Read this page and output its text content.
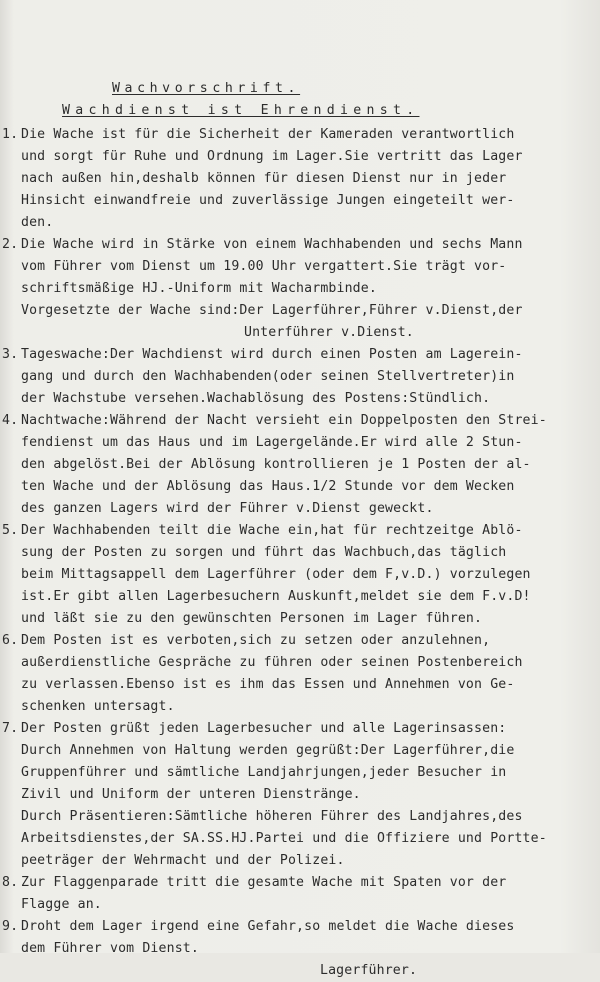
Wachvorschrift.
Wachdienst ist Ehrendienst.
1. Die Wache ist für die Sicherheit der Kameraden verantwortlich
und sorgt für Ruhe und Ordnung im Lager.Sie vertritt das Lager
nach außen hin,deshalb können für diesen Dienst nur in jeder
Hinsicht einwandfreie und zuverlässige Jungen eingeteilt wer-
den.
2. Die Wache wird in Stärke von einem Wachhabenden und sechs Mann
vom Führer vom Dienst um 19.00 Uhr vergattert.Sie trägt vor-
schriftsmäßige HJ.-Uniform mit Wacharmbinde.
Vorgesetzte der Wache sind:Der Lagerführer,Führer v.Dienst,der
Unterführer v.Dienst.
3. Tageswache:Der Wachdienst wird durch einen Posten am Lagerein-
gang und durch den Wachhabenden(oder seinen Stellvertreter)in
der Wachstube versehen.Wachablösung des Postens:Stündlich.
4. Nachtwache:Während der Nacht versieht ein Doppelposten den Strei-
fendienst um das Haus und im Lagergelände.Er wird alle 2 Stun-
den abgelöst.Bei der Ablösung kontrollieren je 1 Posten der al-
ten Wache und der Ablösung das Haus.1/2 Stunde vor dem Wecken
des ganzen Lagers wird der Führer v.Dienst geweckt.
5. Der Wachhabenden teilt die Wache ein,hat für rechtzeitge Ablö-
sung der Posten zu sorgen und führt das Wachbuch,das täglich
beim Mittagsappell dem Lagerführer (oder dem F,v.D.) vorzulegen
ist.Er gibt allen Lagerbesuchern Auskunft,meldet sie dem F.v.D!
und läßt sie zu den gewünschten Personen im Lager führen.
6. Dem Posten ist es verboten,sich zu setzen oder anzulehnen,
außerdienstliche Gespräche zu führen oder seinen Postenbereich
zu verlassen.Ebenso ist es ihm das Essen und Annehmen von Ge-
schenken untersagt.
7. Der Posten grüßt jeden Lagerbesucher und alle Lagerinsassen:
Durch Annehmen von Haltung werden gegrüßt:Der Lagerführer,die
Gruppenführer und sämtliche Landjahrjungen,jeder Besucher in
Zivil und Uniform der unteren Dienstränge.
Durch Präsentieren:Sämtliche höheren Führer des Landjahres,des
Arbeitsdienstes,der SA.SS.HJ.Partei und die Offiziere und Portte-
peeträger der Wehrmacht und der Polizei.
8. Zur Flaggenparade tritt die gesamte Wache mit Spaten vor der
Flagge an.
9. Droht dem Lager irgend eine Gefahr,so meldet die Wache dieses
dem Führer vom Dienst.
Lagerführer.
